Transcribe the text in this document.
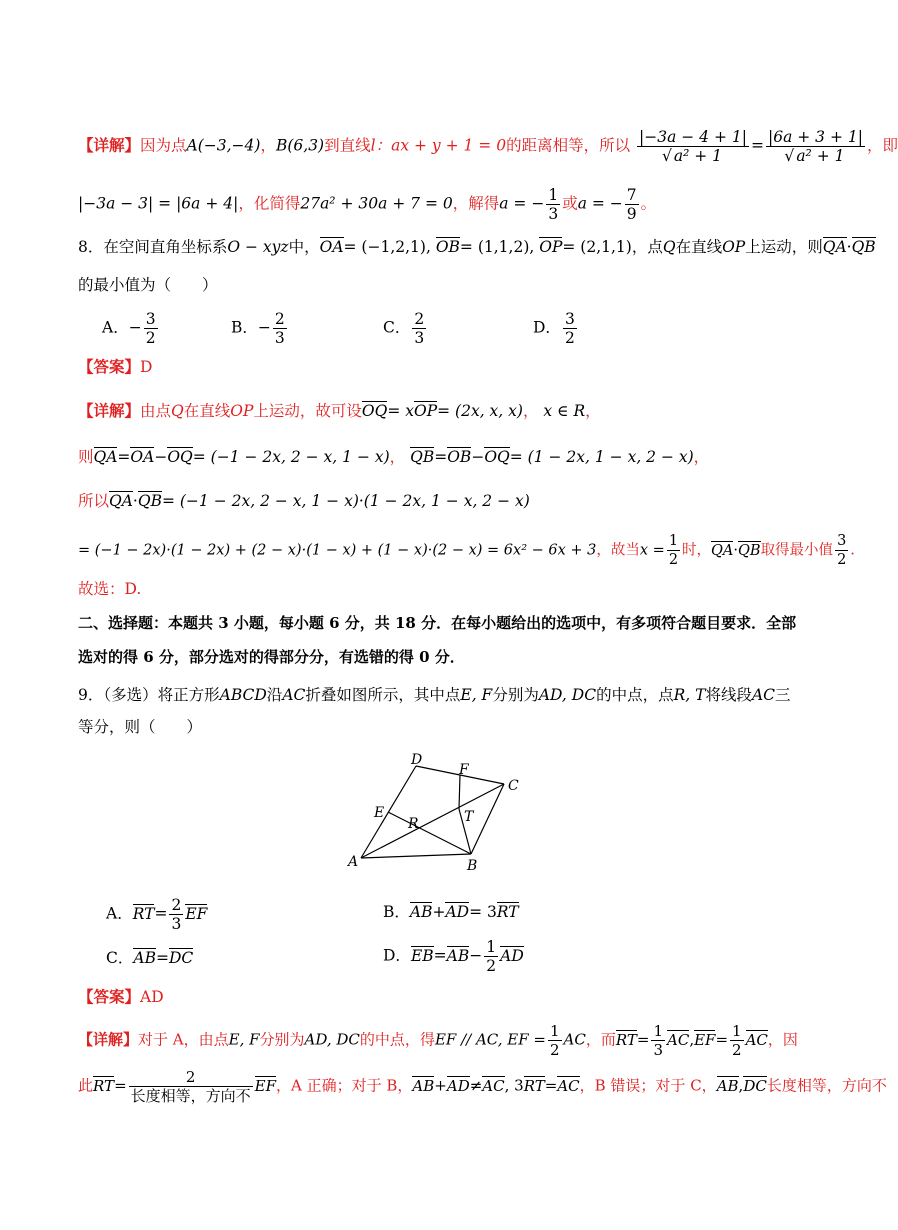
【详解】因为点A(−3,−4)，B(6,3)到直线l：ax + y + 1 = 0的距离相等，所以 $\frac{|-3a - 4 + 1|}{\text{√ a² + 1}} = \frac{|6a + 3 + 1|}{\text{√ a² + 1}}$ ，即
|−3a − 3| = |6a + 4|，化简得27a² + 30a + 7 = 0，解得a = − $\frac{1}{3}$ 或a = − $\frac{7}{9}$ 。
8．在空间直角坐标系O − xyz中，OA= (−1,2,1), OB= (1,1,2), OP= (2,1,1)，点Q在直线OP上运动，则QA·QB
的最小值为（　　）
A．− $\frac{3}{2}$	B．− $\frac{2}{3}$	C． $\frac{2}{3}$	D． $\frac{3}{2}$
【答案】D
【详解】由点Q在直线OP上运动，故可设OQ= xOP= (2x, x, x)， x ∈ R，
则QA=OA−OQ= (−1 − 2x, 2 − x, 1 − x)， QB=OB−OQ= (1 − 2x, 1 − x, 2 − x)，
所以QA·QB= (−1 − 2x, 2 − x, 1 − x)·(1 − 2x, 1 − x, 2 − x)
= (−1 − 2x)·(1 − 2x) + (2 − x)·(1 − x) + (1 − x)·(2 − x) = 6x² − 6x + 3，故当$x = \frac{1}{2}$ 时，QA·QB取得最小值 $\frac{3}{2}$ .
故选：D.
二、选择题：本题共 3 小题，每小题 6 分，共 18 分．在每小题给出的选项中，有多项符合题目要求．全部
选对的得 6 分，部分选对的得部分分，有选错的得 0 分．
9．（多选）将正方形ABCD沿AC折叠如图所示，其中点E, F分别为AD, DC的中点，点R, T将线段AC三
等分，则（　　）
D
F
C
E	T
R
A	B
A．$RT= \frac{2}{3}$ EF	B．AB+AD= 3RT
C．AB=DC	D．$EB=AB- \frac{1}{2}$ AD
【答案】AD
【详解】对于 A，由点E, F分别为AD, DC的中点，得EF // AC, EF = $\frac{1}{2}$ AC，而$RT= \frac{1}{3} AC,EF= \frac{1}{2}$ AC，因
此$RT= \frac{2}{\text{长度相等，方向不}}$ EF，A 正确；对于 B，AB+AD≠AC, 3RT=AC，B 错误；对于 C，AB,DC长度相等，方向不
